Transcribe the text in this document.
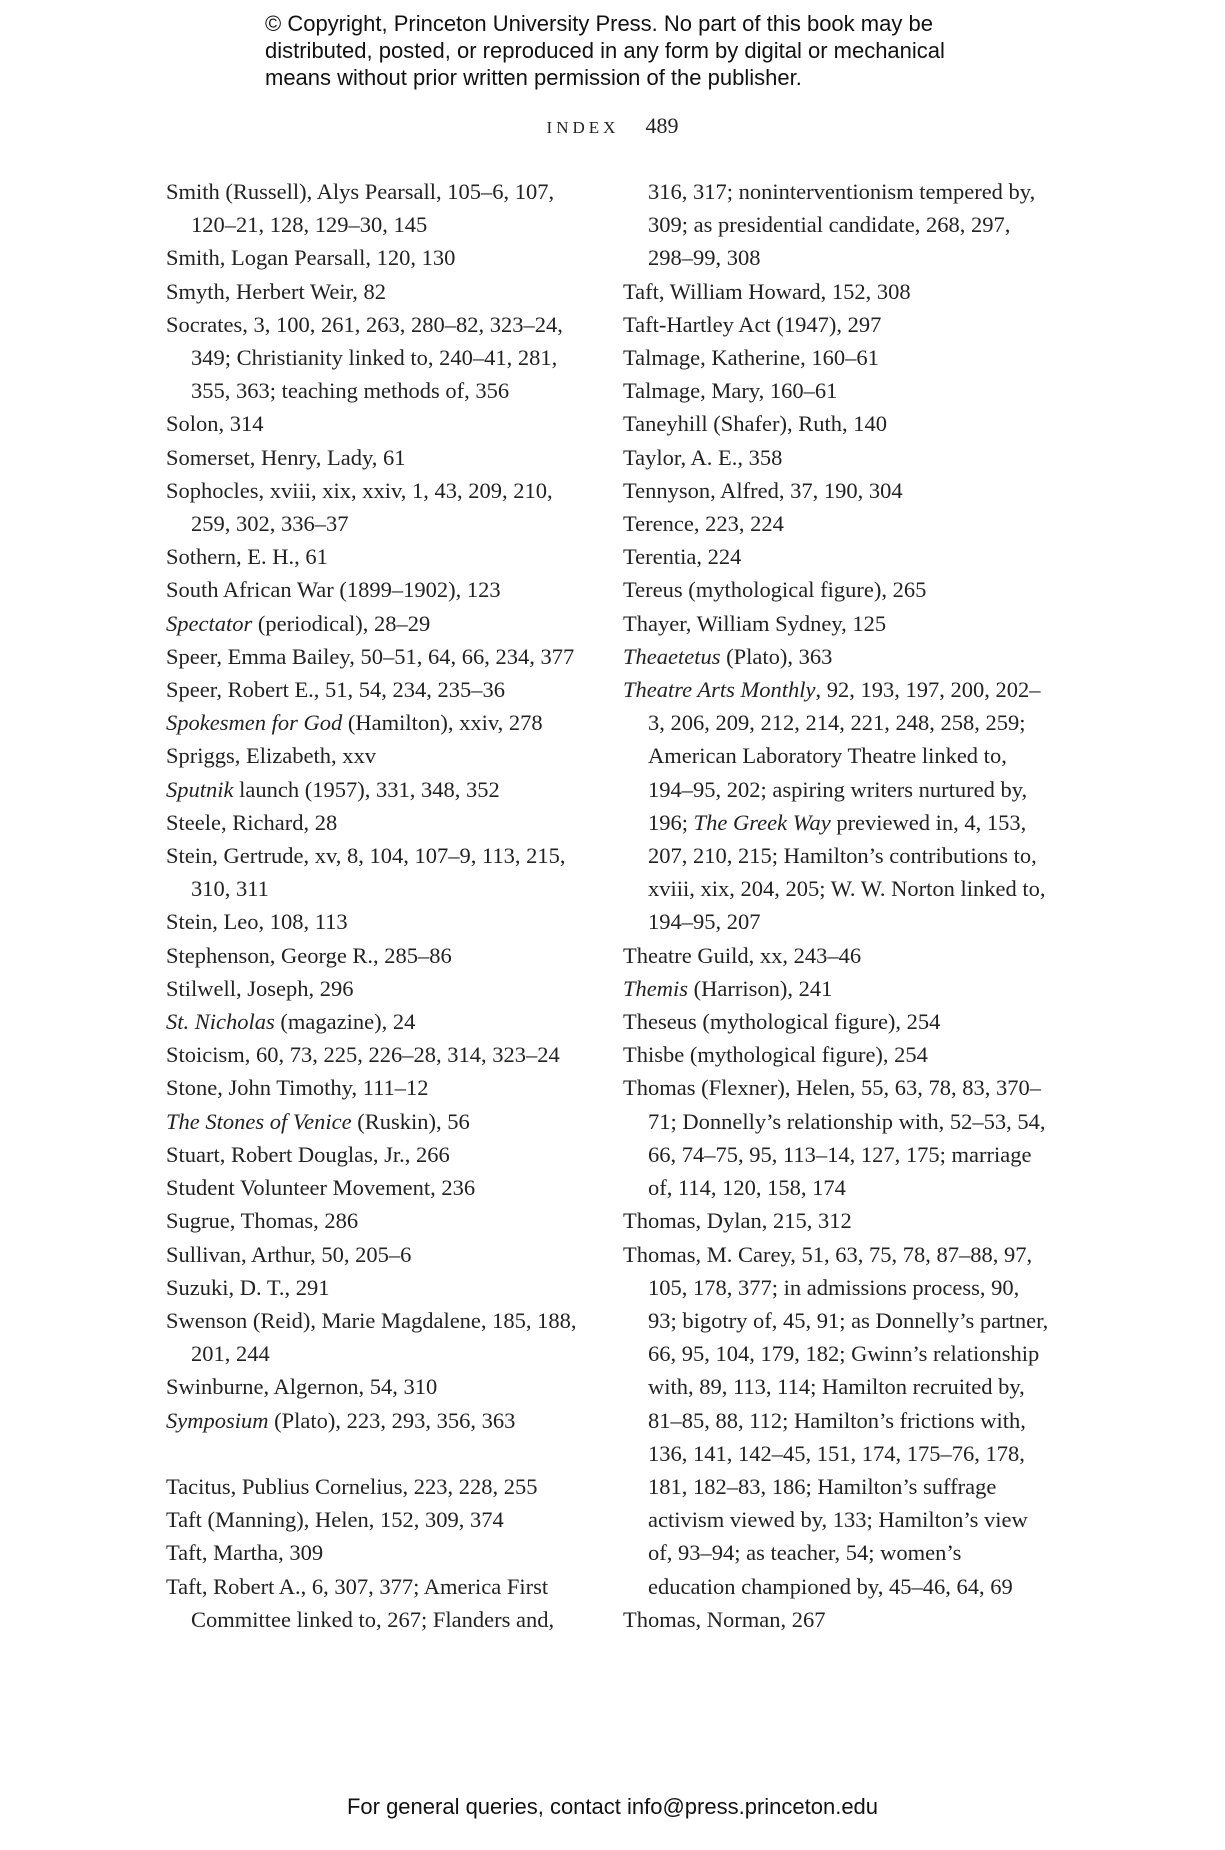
© Copyright, Princeton University Press. No part of this book may be

distributed, posted, or reproduced in any form by digital or mechanical

means without prior written permission of the publisher.

INDEX 489
Smith (Russell), Alys Pearsall, 105–6, 107, 120–21, 128, 129–30, 145
Smith, Logan Pearsall, 120, 130
Smyth, Herbert Weir, 82
Socrates, 3, 100, 261, 263, 280–82, 323–24, 349; Christianity linked to, 240–41, 281, 355, 363; teaching methods of, 356
Solon, 314
Somerset, Henry, Lady, 61
Sophocles, xviii, xix, xxiv, 1, 43, 209, 210, 259, 302, 336–37
Sothern, E. H., 61
South African War (1899–1902), 123
Spectator (periodical), 28–29
Speer, Emma Bailey, 50–51, 64, 66, 234, 377
Speer, Robert E., 51, 54, 234, 235–36
Spokesmen for God (Hamilton), xxiv, 278
Spriggs, Elizabeth, xxv
Sputnik launch (1957), 331, 348, 352
Steele, Richard, 28
Stein, Gertrude, xv, 8, 104, 107–9, 113, 215, 310, 311
Stein, Leo, 108, 113
Stephenson, George R., 285–86
Stilwell, Joseph, 296
St. Nicholas (magazine), 24
Stoicism, 60, 73, 225, 226–28, 314, 323–24
Stone, John Timothy, 111–12
The Stones of Venice (Ruskin), 56
Stuart, Robert Douglas, Jr., 266
Student Volunteer Movement, 236
Sugrue, Thomas, 286
Sullivan, Arthur, 50, 205–6
Suzuki, D. T., 291
Swenson (Reid), Marie Magdalene, 185, 188, 201, 244
Swinburne, Algernon, 54, 310
Symposium (Plato), 223, 293, 356, 363
Tacitus, Publius Cornelius, 223, 228, 255
Taft (Manning), Helen, 152, 309, 374
Taft, Martha, 309
Taft, Robert A., 6, 307, 377; America First Committee linked to, 267; Flanders and,
316, 317; noninterventionism tempered by, 309; as presidential candidate, 268, 297, 298–99, 308
Taft, William Howard, 152, 308
Taft-Hartley Act (1947), 297
Talmage, Katherine, 160–61
Talmage, Mary, 160–61
Taneyhill (Shafer), Ruth, 140
Taylor, A. E., 358
Tennyson, Alfred, 37, 190, 304
Terence, 223, 224
Terentia, 224
Tereus (mythological figure), 265
Thayer, William Sydney, 125
Theaetetus (Plato), 363
Theatre Arts Monthly, 92, 193, 197, 200, 202–3, 206, 209, 212, 214, 221, 248, 258, 259; American Laboratory Theatre linked to, 194–95, 202; aspiring writers nurtured by, 196; The Greek Way previewed in, 4, 153, 207, 210, 215; Hamilton’s contributions to, xviii, xix, 204, 205; W. W. Norton linked to, 194–95, 207
Theatre Guild, xx, 243–46
Themis (Harrison), 241
Theseus (mythological figure), 254
Thisbe (mythological figure), 254
Thomas (Flexner), Helen, 55, 63, 78, 83, 370–71; Donnelly’s relationship with, 52–53, 54, 66, 74–75, 95, 113–14, 127, 175; marriage of, 114, 120, 158, 174
Thomas, Dylan, 215, 312
Thomas, M. Carey, 51, 63, 75, 78, 87–88, 97, 105, 178, 377; in admissions process, 90, 93; bigotry of, 45, 91; as Donnelly’s partner, 66, 95, 104, 179, 182; Gwinn’s relationship with, 89, 113, 114; Hamilton recruited by, 81–85, 88, 112; Hamilton’s frictions with, 136, 141, 142–45, 151, 174, 175–76, 178, 181, 182–83, 186; Hamilton’s suffrage activism viewed by, 133; Hamilton’s view of, 93–94; as teacher, 54; women’s education championed by, 45–46, 64, 69
Thomas, Norman, 267
For general queries, contact info@press.princeton.edu
